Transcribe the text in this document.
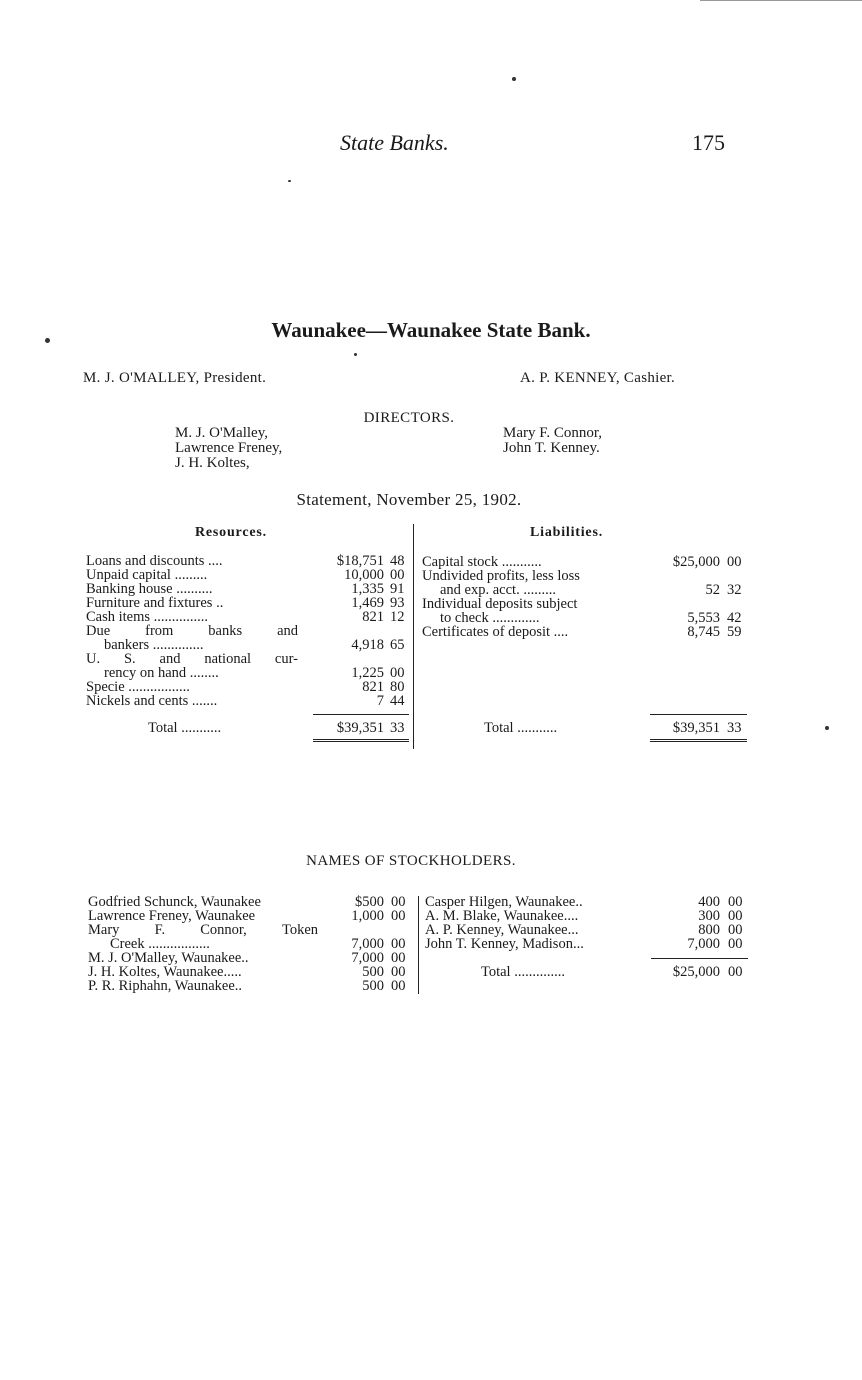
State Banks.	175
Waunakee—Waunakee State Bank.
M. J. O'MALLEY, President.	A. P. KENNEY, Cashier.
DIRECTORS.
M. J. O'Malley,
Lawrence Freney,
J. H. Koltes,
Mary F. Connor,
John T. Kenney.
Statement, November 25, 1902.
Resources.	Liabilities.
Loans and discounts ....	$18,751 48
Unpaid capital .........	10,000 00
Banking house ..........	1,335 91
Furniture and fixtures ..	1,469 93
Cash items ...............	821 12
Due from banks and
bankers ..............	4,918 65
U. S. and national cur-
rency on hand ........	1,225 00
Specie .................	821 80
Nickels and cents .......	7 44
Capital stock ...........	$25,000 00
Undivided profits, less loss
and exp. acct. .........	52 32
Individual deposits subject
to check .............	5,553 42
Certificates of deposit ....	8,745 59
Total ...........	$39,351 33	Total ...........	$39,351 33
NAMES OF STOCKHOLDERS.
Godfried Schunck, Waunakee	$500 00
Lawrence Freney, Waunakee	1,000 00
Mary F. Connor, Token
Creek .................	7,000 00
M. J. O'Malley, Waunakee..	7,000 00
J. H. Koltes, Waunakee.....	500 00
P. R. Riphahn, Waunakee..	500 00
Casper Hilgen, Waunakee..	400 00
A. M. Blake, Waunakee....	300 00
A. P. Kenney, Waunakee...	800 00
John T. Kenney, Madison...	7,000 00
Total ..............	$25,000 00
